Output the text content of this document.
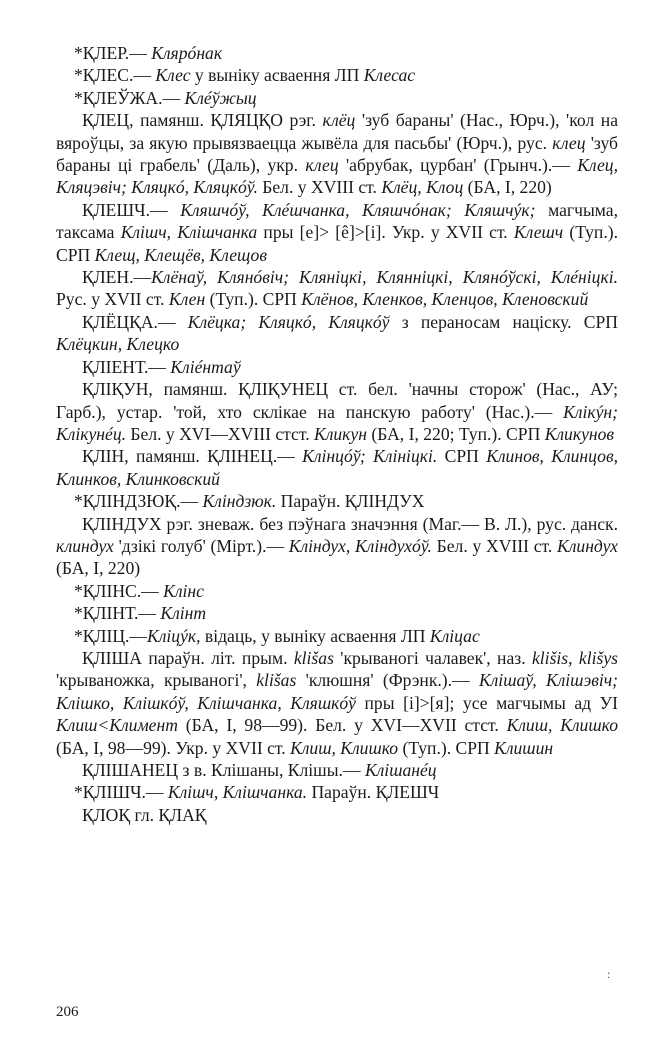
*ҚЛЕР.— Клярóнак
*ҚЛЕС.— Клес у выніку асваення ЛП Клесас
*ҚЛЕЎЖА.— Клéўжыц
ҚЛЕЦ, памянш. ҚЛЯЦҚО рэг. клёц 'зуб бараны' (Нас., Юрч.), 'кол на вяроўцы, за якую прывязваецца жывёла для пасьбы' (Юрч.), рус. клец 'зуб бараны ці грабель' (Даль), укр. клец 'абрубак, цурбан' (Грынч.).— Клец, Кляцэвіч; Кляцкó, Кляцкóў. Бел. у XVIII ст. Клёц, Клоц (БА, І, 220)
ҚЛЕШЧ.— Кляшчóў, Клéшчанка, Кляшчóнак; Кляшчýк; магчыма, таксама Клішч, Клішчанка пры [е]> [ê]>[і]. Укр. у XVII ст. Клешч (Туп.). СРП Клещ, Клещёв, Клещов
ҚЛЕН.—Клёнаў, Клянóвіч; Кляніцкі, Клянніцкі, Клянóўскі, Клéніцкі. Рус. у XVII ст. Клен (Туп.). СРП Клёнов, Кленков, Кленцов, Кленовский
ҚЛЁЦҚА.— Клёцка; Кляцкó, Кляцкóў з пераносам націску. СРП Клёцкин, Клецко
ҚЛІЕНТ.— Кліéнтаў
ҚЛІҚУН, памянш. ҚЛІҚУНЕЦ ст. бел. 'начны сторож' (Нас., АУ; Гарб.), устар. 'той, хто склікае на панскую работу' (Нас.).— Клікýн; Клікунéц. Бел. у XVI—XVIII стст. Кликун (БА, І, 220; Туп.). СРП Кликунов
ҚЛІН, памянш. ҚЛІНЕЦ.— Клінцóў; Клініцкі. СРП Клинов, Клинцов, Клинков, Клинковский
*ҚЛІНДЗЮҚ.— Кліндзюк. Параўн. ҚЛІНДУХ
ҚЛІНДУХ рэг. зневаж. без пэўнага значэння (Маг.— В. Л.), рус. данск. клиндух 'дзікі голуб' (Мірт.).— Кліндух, Кліндухóў. Бел. у XVIII ст. Клиндух (БА, І, 220)
*ҚЛІНС.— Клінс
*ҚЛІНТ.— Клінт
*ҚЛІЦ.—Кліцýк, відаць, у выніку асваення ЛП Кліцас
ҚЛІША параўн. літ. прым. klišas 'крываногі чалавек', наз. klišis, klišys 'крываножка, крываногі', klišas 'клюшня' (Фрэнк.).— Клішаў, Клішэвіч; Клішко, Клішкóў, Клішчанка, Кляшкóў пры [і]>[я]; усе магчымы ад УІ Клиш<Климент (БА, І, 98—99). Бел. у XVI—XVII стст. Клиш, Клишко (БА, І, 98—99). Укр. у XVII ст. Клиш, Клишко (Туп.). СРП Клишин
ҚЛІШАНЕЦ з в. Клішаны, Клішы.— Клішанéц
*ҚЛІШЧ.— Клішч, Клішчанка. Параўн. ҚЛЕШЧ
ҚЛОҚ гл. ҚЛАҚ
:
206
